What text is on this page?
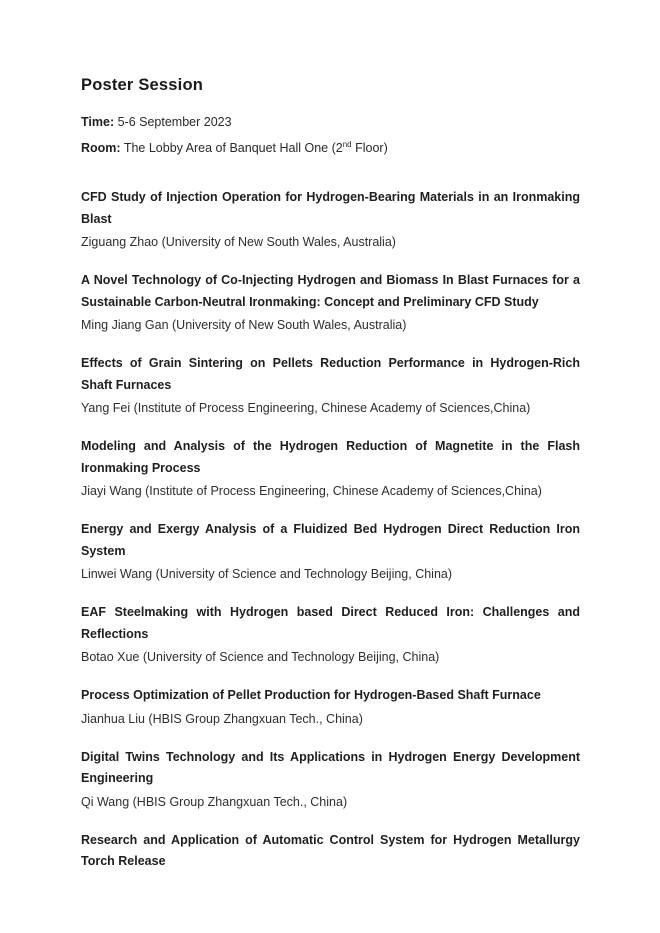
Poster Session

Time: 5-6 September 2023

Room: The Lobby Area of Banquet Hall One (2nd Floor)

CFD Study of Injection Operation for Hydrogen-Bearing Materials in an Ironmaking Blast

Ziguang Zhao (University of New South Wales, Australia)

A Novel Technology of Co-Injecting Hydrogen and Biomass In Blast Furnaces for a Sustainable Carbon-Neutral Ironmaking: Concept and Preliminary CFD Study

Ming Jiang Gan (University of New South Wales, Australia)

Effects of Grain Sintering on Pellets Reduction Performance in Hydrogen-Rich Shaft Furnaces

Yang Fei (Institute of Process Engineering, Chinese Academy of Sciences,China)

Modeling and Analysis of the Hydrogen Reduction of Magnetite in the Flash Ironmaking Process

Jiayi Wang (Institute of Process Engineering, Chinese Academy of Sciences,China)

Energy and Exergy Analysis of a Fluidized Bed Hydrogen Direct Reduction Iron System

Linwei Wang (University of Science and Technology Beijing, China)

EAF Steelmaking with Hydrogen based Direct Reduced Iron: Challenges and Reflections

Botao Xue (University of Science and Technology Beijing, China)

Process Optimization of Pellet Production for Hydrogen-Based Shaft Furnace

Jianhua Liu (HBIS Group Zhangxuan Tech., China)

Digital Twins Technology and Its Applications in Hydrogen Energy Development Engineering

Qi Wang (HBIS Group Zhangxuan Tech., China)

Research and Application of Automatic Control System for Hydrogen Metallurgy Torch Release
